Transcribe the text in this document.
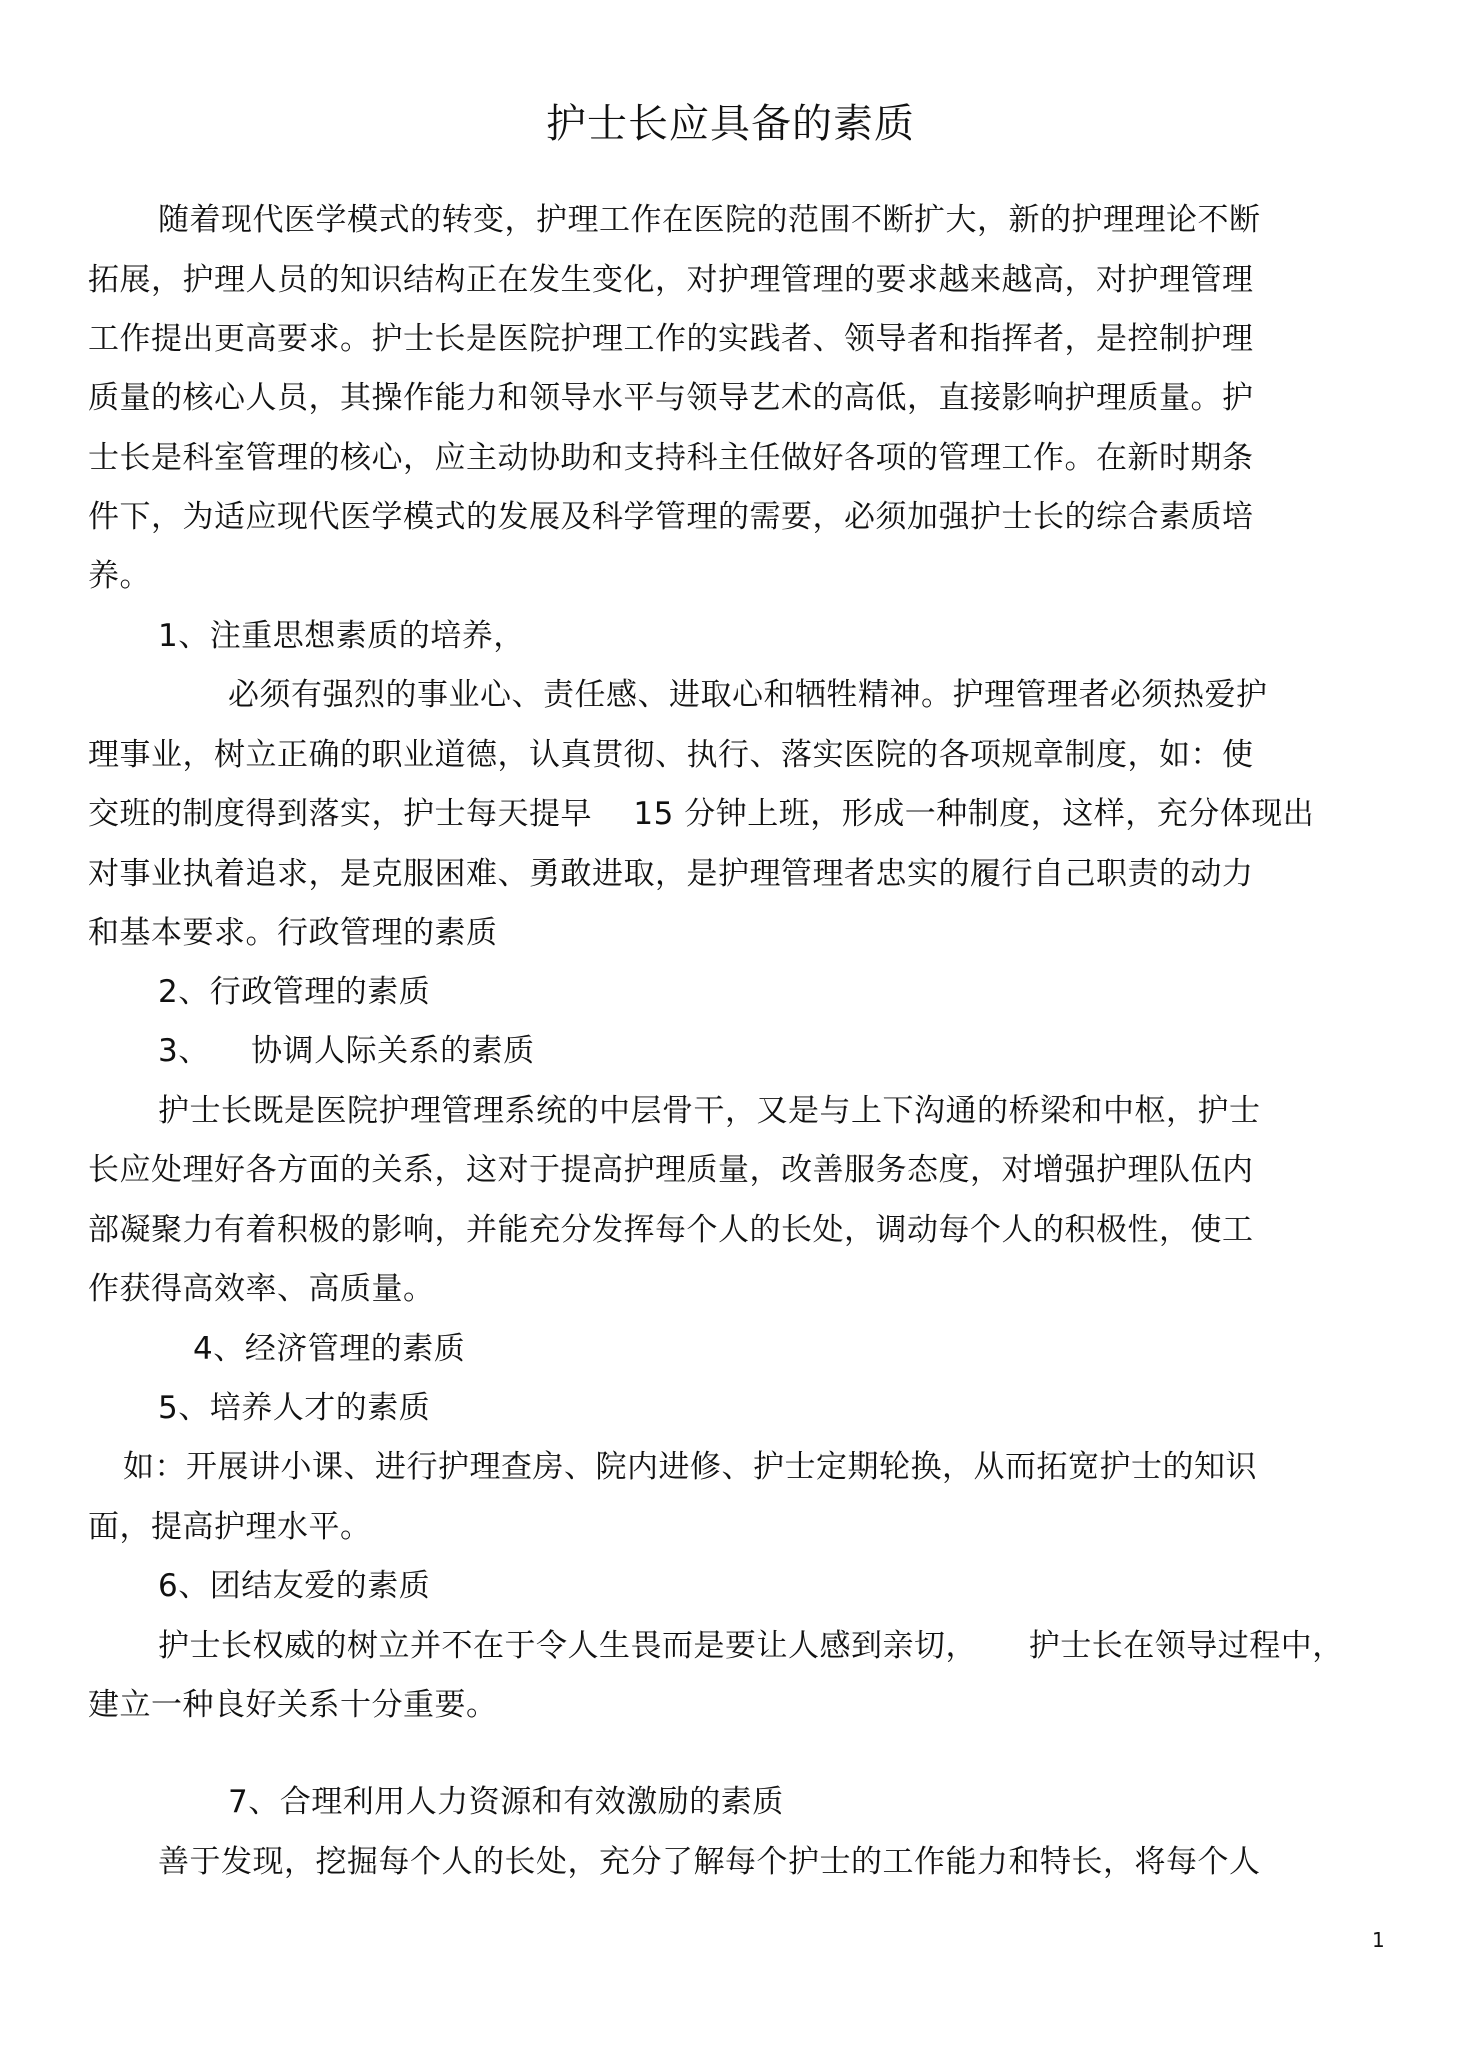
护士长应具备的素质
随着现代医学模式的转变，护理工作在医院的范围不断扩大，新的护理理论不断
拓展，护理人员的知识结构正在发生变化，对护理管理的要求越来越高，对护理管理
工作提出更高要求。护士长是医院护理工作的实践者、领导者和指挥者，是控制护理
质量的核心人员，其操作能力和领导水平与领导艺术的高低，直接影响护理质量。护
士长是科室管理的核心，应主动协助和支持科主任做好各项的管理工作。在新时期条
件下，为适应现代医学模式的发展及科学管理的需要，必须加强护士长的综合素质培
养。
1、注重思想素质的培养，
必须有强烈的事业心、责任感、进取心和牺牲精神。护理管理者必须热爱护
理事业，树立正确的职业道德，认真贯彻、执行、落实医院的各项规章制度，如：使
交班的制度得到落实，护士每天提早    15 分钟上班，形成一种制度，这样，充分体现出
对事业执着追求，是克服困难、勇敢进取，是护理管理者忠实的履行自己职责的动力
和基本要求。行政管理的素质
2、行政管理的素质
3、    协调人际关系的素质
护士长既是医院护理管理系统的中层骨干，又是与上下沟通的桥梁和中枢，护士
长应处理好各方面的关系，这对于提高护理质量，改善服务态度，对增强护理队伍内
部凝聚力有着积极的影响，并能充分发挥每个人的长处，调动每个人的积极性，使工
作获得高效率、高质量。
4、经济管理的素质
5、培养人才的素质
如：开展讲小课、进行护理查房、院内进修、护士定期轮换，从而拓宽护士的知识
面，提高护理水平。
6、团结友爱的素质
护士长权威的树立并不在于令人生畏而是要让人感到亲切，     护士长在领导过程中，
建立一种良好关系十分重要。
7、合理利用人力资源和有效激励的素质
善于发现，挖掘每个人的长处，充分了解每个护士的工作能力和特长，将每个人
1
